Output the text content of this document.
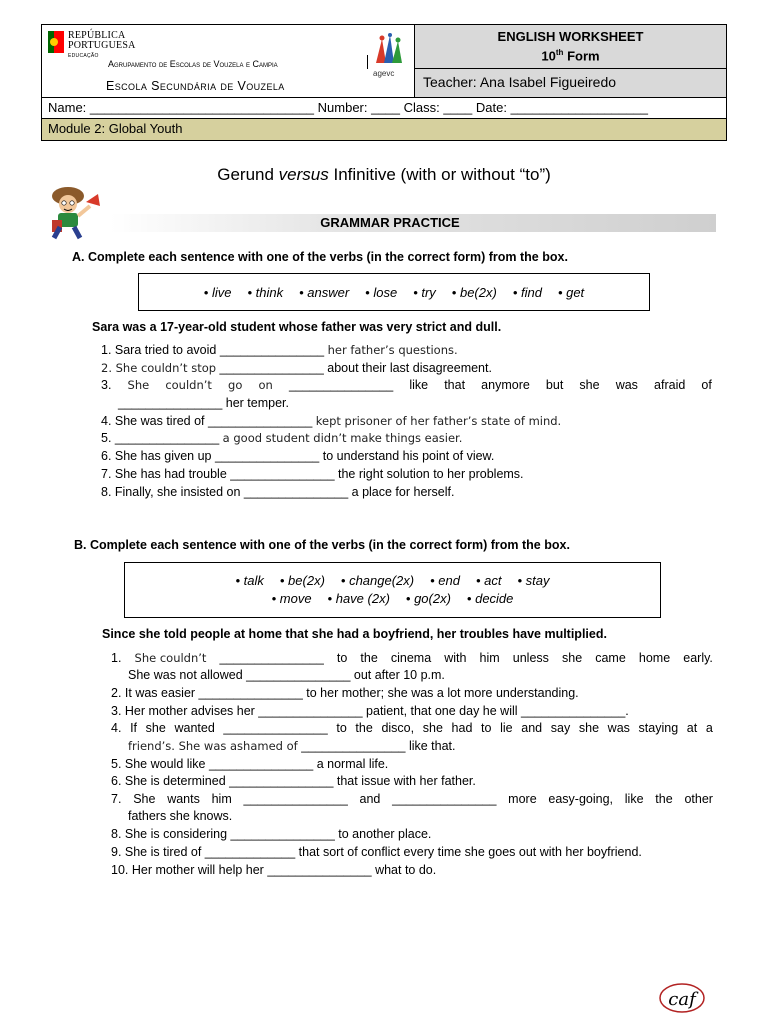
REPÚBLICA
PORTUGUESA
EDUCAÇÃO
Agrupamento de Escolas de Vouzela e Campia
agevc
Escola Secundária de Vouzela
ENGLISH WORKSHEET
10th Form
Teacher: Ana Isabel Figueiredo
Name: _______________________________ Number: ____ Class: ____ Date: ___________________
Module 2: Global Youth
Gerund versus Infinitive (with or without “to”)
GRAMMAR PRACTICE
A. Complete each sentence with one of the verbs (in the correct form) from the box.
• live • think • answer • lose • try • be(2x) • find • get
Sara was a 17-year-old student whose father was very strict and dull.
1. Sara tried to avoid _______________ her father’s questions.
2. She couldn’t stop _______________ about their last disagreement.
3. She couldn’t go on _______________ like that anymore but she was afraid of
_______________ her temper.
4. She was tired of _______________ kept prisoner of her father’s state of mind.
5. _______________ a good student didn’t make things easier.
6. She has given up _______________ to understand his point of view.
7. She has had trouble _______________ the right solution to her problems.
8. Finally, she insisted on _______________ a place for herself.
B. Complete each sentence with one of the verbs (in the correct form) from the box.
• talk • be(2x) • change(2x) • end • act • stay
• move • have (2x) • go(2x) • decide
Since she told people at home that she had a boyfriend, her troubles have multiplied.
1. She couldn’t _______________ to the cinema with him unless she came home early.
She was not allowed _______________ out after 10 p.m.
2. It was easier _______________ to her mother; she was a lot more understanding.
3. Her mother advises her _______________ patient, that one day he will _______________.
4. If she wanted _______________ to the disco, she had to lie and say she was staying at a
friend’s. She was ashamed of _______________ like that.
5. She would like _______________ a normal life.
6. She is determined _______________ that issue with her father.
7. She wants him _______________ and _______________ more easy-going, like the other
fathers she knows.
8. She is considering _______________ to another place.
9. She is tired of _____________ that sort of conflict every time she goes out with her boyfriend.
10. Her mother will help her _______________ what to do.
caf
